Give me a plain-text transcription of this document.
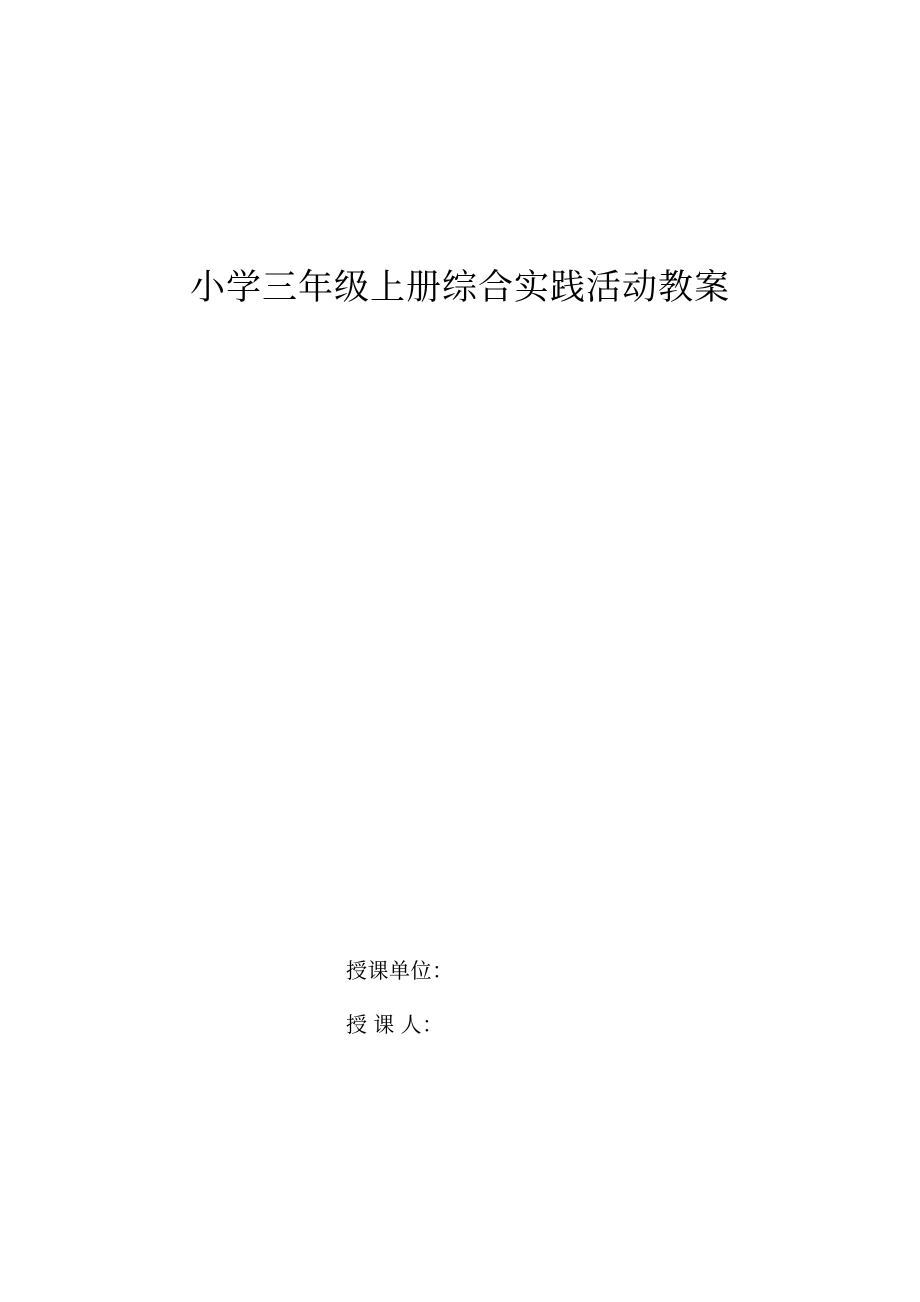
小学三年级上册综合实践活动教案
授课单位：
授 课 人：
